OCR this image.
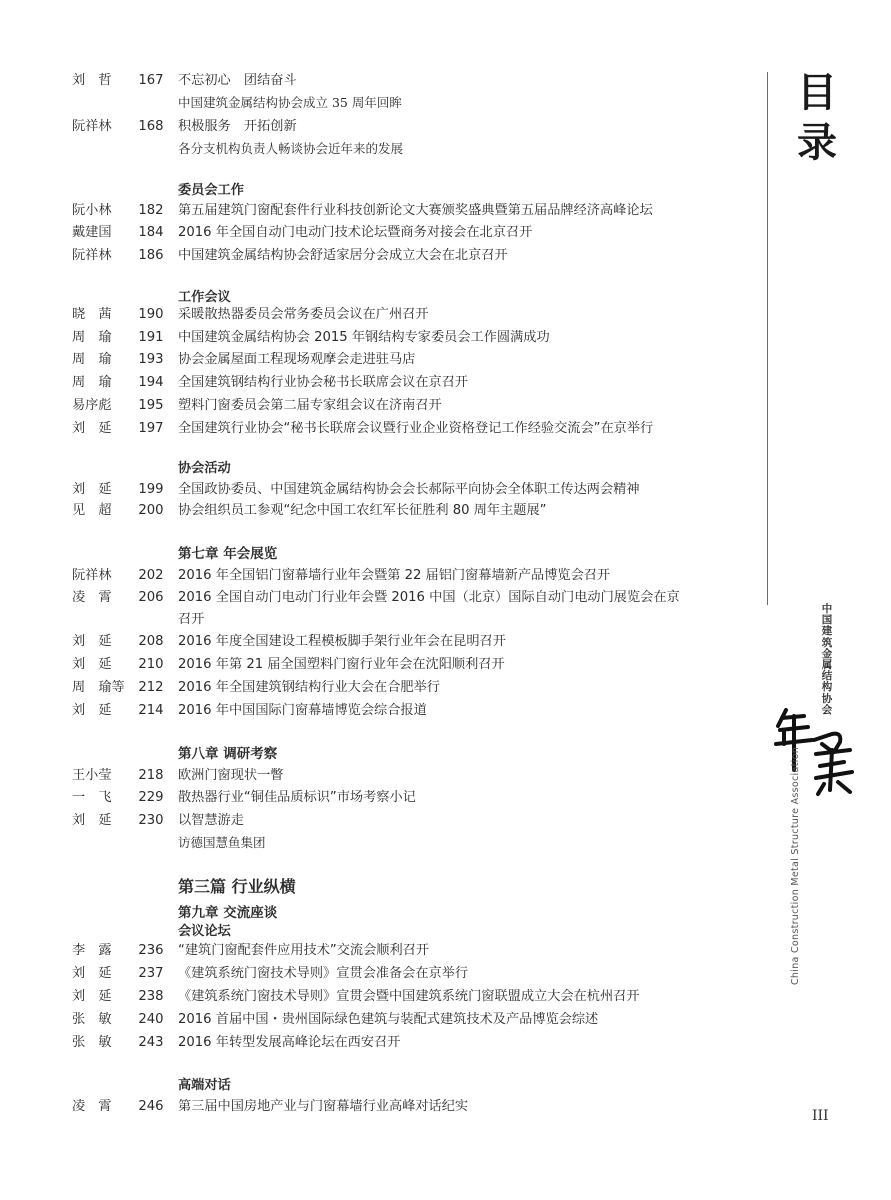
刘　哲	167 不忘初心　团结奋斗
中国建筑金属结构协会成立 35 周年回眸
阮祥林	168 积极服务　开拓创新
各分支机构负责人畅谈协会近年来的发展
委员会工作
阮小林	182 第五届建筑门窗配套件行业科技创新论文大赛颁奖盛典暨第五届品牌经济高峰论坛
戴建国	184 2016 年全国自动门电动门技术论坛暨商务对接会在北京召开
阮祥林	186 中国建筑金属结构协会舒适家居分会成立大会在北京召开
工作会议
晓　茜	190 采暖散热器委员会常务委员会议在广州召开
周　瑜	191 中国建筑金属结构协会 2015 年钢结构专家委员会工作圆满成功
周　瑜	193 协会金属屋面工程现场观摩会走进驻马店
周　瑜	194 全国建筑钢结构行业协会秘书长联席会议在京召开
易序彪	195 塑料门窗委员会第二届专家组会议在济南召开
刘　延	197 全国建筑行业协会“秘书长联席会议暨行业企业资格登记工作经验交流会”在京举行
协会活动
刘　延	199 全国政协委员、中国建筑金属结构协会会长郝际平向协会全体职工传达两会精神
见　超	200 协会组织员工参观“纪念中国工农红军长征胜利 80 周年主题展”
第七章 年会展览
阮祥林	202 2016 年全国铝门窗幕墙行业年会暨第 22 届铝门窗幕墙新产品博览会召开
凌　霄	206 2016 全国自动门电动门行业年会暨 2016 中国（北京）国际自动门电动门展览会在京
召开
刘　延	208 2016 年度全国建设工程模板脚手架行业年会在昆明召开
刘　延	210 2016 年第 21 届全国塑料门窗行业年会在沈阳顺利召开
周　瑜等 212 2016 年全国建筑钢结构行业大会在合肥举行
刘　延	214 2016 年中国国际门窗幕墙博览会综合报道
第八章 调研考察
王小莹	218 欧洲门窗现状一瞥
一　飞	229 散热器行业“铜佳品质标识”市场考察小记
刘　延	230 以智慧游走
访德国慧鱼集团
第三篇 行业纵横
第九章 交流座谈
会议论坛
李　露	236 “建筑门窗配套件应用技术”交流会顺利召开
刘　延	237 《建筑系统门窗技术导则》宣贯会准备会在京举行
刘　延	238 《建筑系统门窗技术导则》宣贯会暨中国建筑系统门窗联盟成立大会在杭州召开
张　敏	240 2016 首届中国・贵州国际绿色建筑与装配式建筑技术及产品博览会综述
张　敏	243 2016 年转型发展高峰论坛在西安召开
高端对话
凌　霄	246 第三届中国房地产业与门窗幕墙行业高峰对话纪实
目
录
中
国
建
筑
金
属
结
构
协
会
China Construction Metal Structure Association
III
